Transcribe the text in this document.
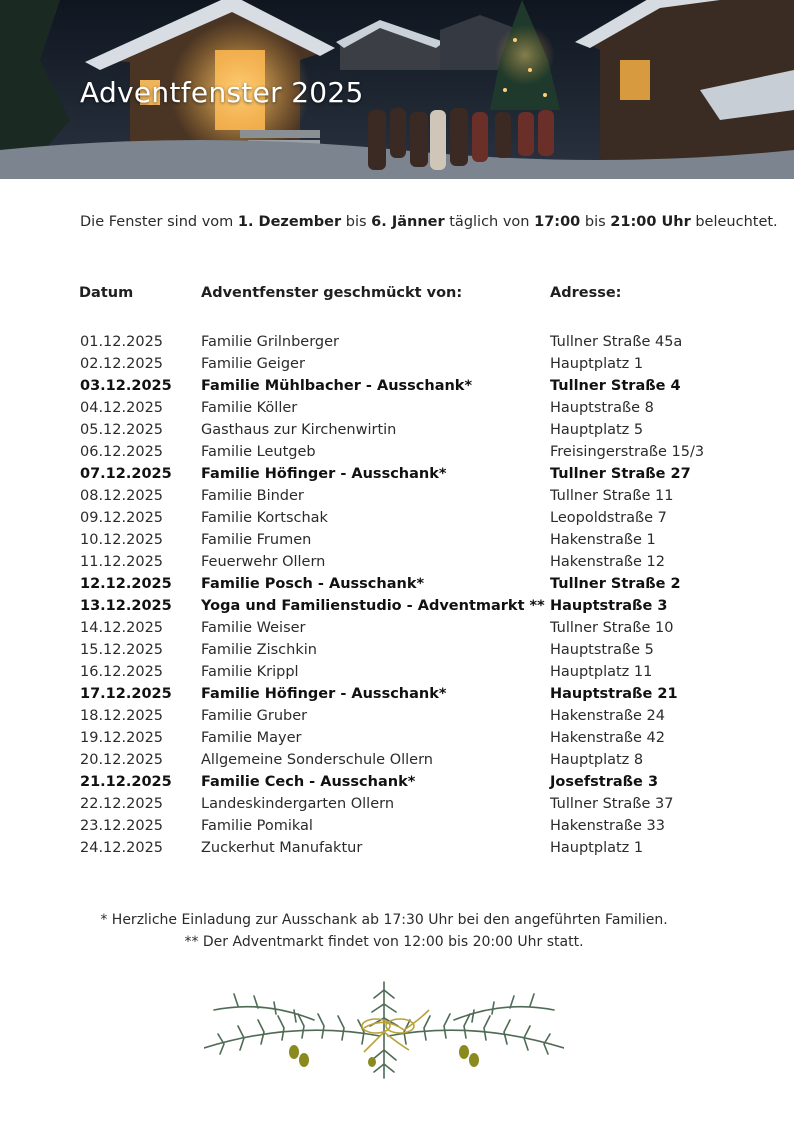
Adventfenster 2025
Die Fenster sind vom 1. Dezember bis 6. Jänner täglich von 17:00 bis 21:00 Uhr beleuchtet.
Datum	Adventfenster geschmückt von:	Adresse:
01.12.2025	Familie Grilnberger	Tullner Straße 45a
02.12.2025	Familie Geiger	Hauptplatz 1
03.12.2025 Familie Mühlbacher - Ausschank*	Tullner Straße 4
04.12.2025	Familie Köller	Hauptstraße 8
05.12.2025	Gasthaus zur Kirchenwirtin	Hauptplatz 5
06.12.2025	Familie Leutgeb	Freisingerstraße 15/3
07.12.2025 Familie Höfinger - Ausschank*	Tullner Straße 27
08.12.2025	Familie Binder	Tullner Straße 11
09.12.2025	Familie Kortschak	Leopoldstraße 7
10.12.2025	Familie Frumen	Hakenstraße 1
11.12.2025	Feuerwehr Ollern	Hakenstraße 12
12.12.2025 Familie Posch - Ausschank*	Tullner Straße 2
13.12.2025 Yoga und Familienstudio - Adventmarkt ** Hauptstraße 3
14.12.2025	Familie Weiser	Tullner Straße 10
15.12.2025	Familie Zischkin	Hauptstraße 5
16.12.2025	Familie Krippl	Hauptplatz 11
17.12.2025 Familie Höfinger - Ausschank*	Hauptstraße 21
18.12.2025	Familie Gruber	Hakenstraße 24
19.12.2025	Familie Mayer	Hakenstraße 42
20.12.2025	Allgemeine Sonderschule Ollern	Hauptplatz 8
21.12.2025 Familie Cech - Ausschank*	Josefstraße 3
22.12.2025	Landeskindergarten Ollern	Tullner Straße 37
23.12.2025	Familie Pomikal	Hakenstraße 33
24.12.2025	Zuckerhut Manufaktur	Hauptplatz 1
* Herzliche Einladung zur Ausschank ab 17:30 Uhr bei den angeführten Familien.
** Der Adventmarkt findet von 12:00 bis 20:00 Uhr statt.
